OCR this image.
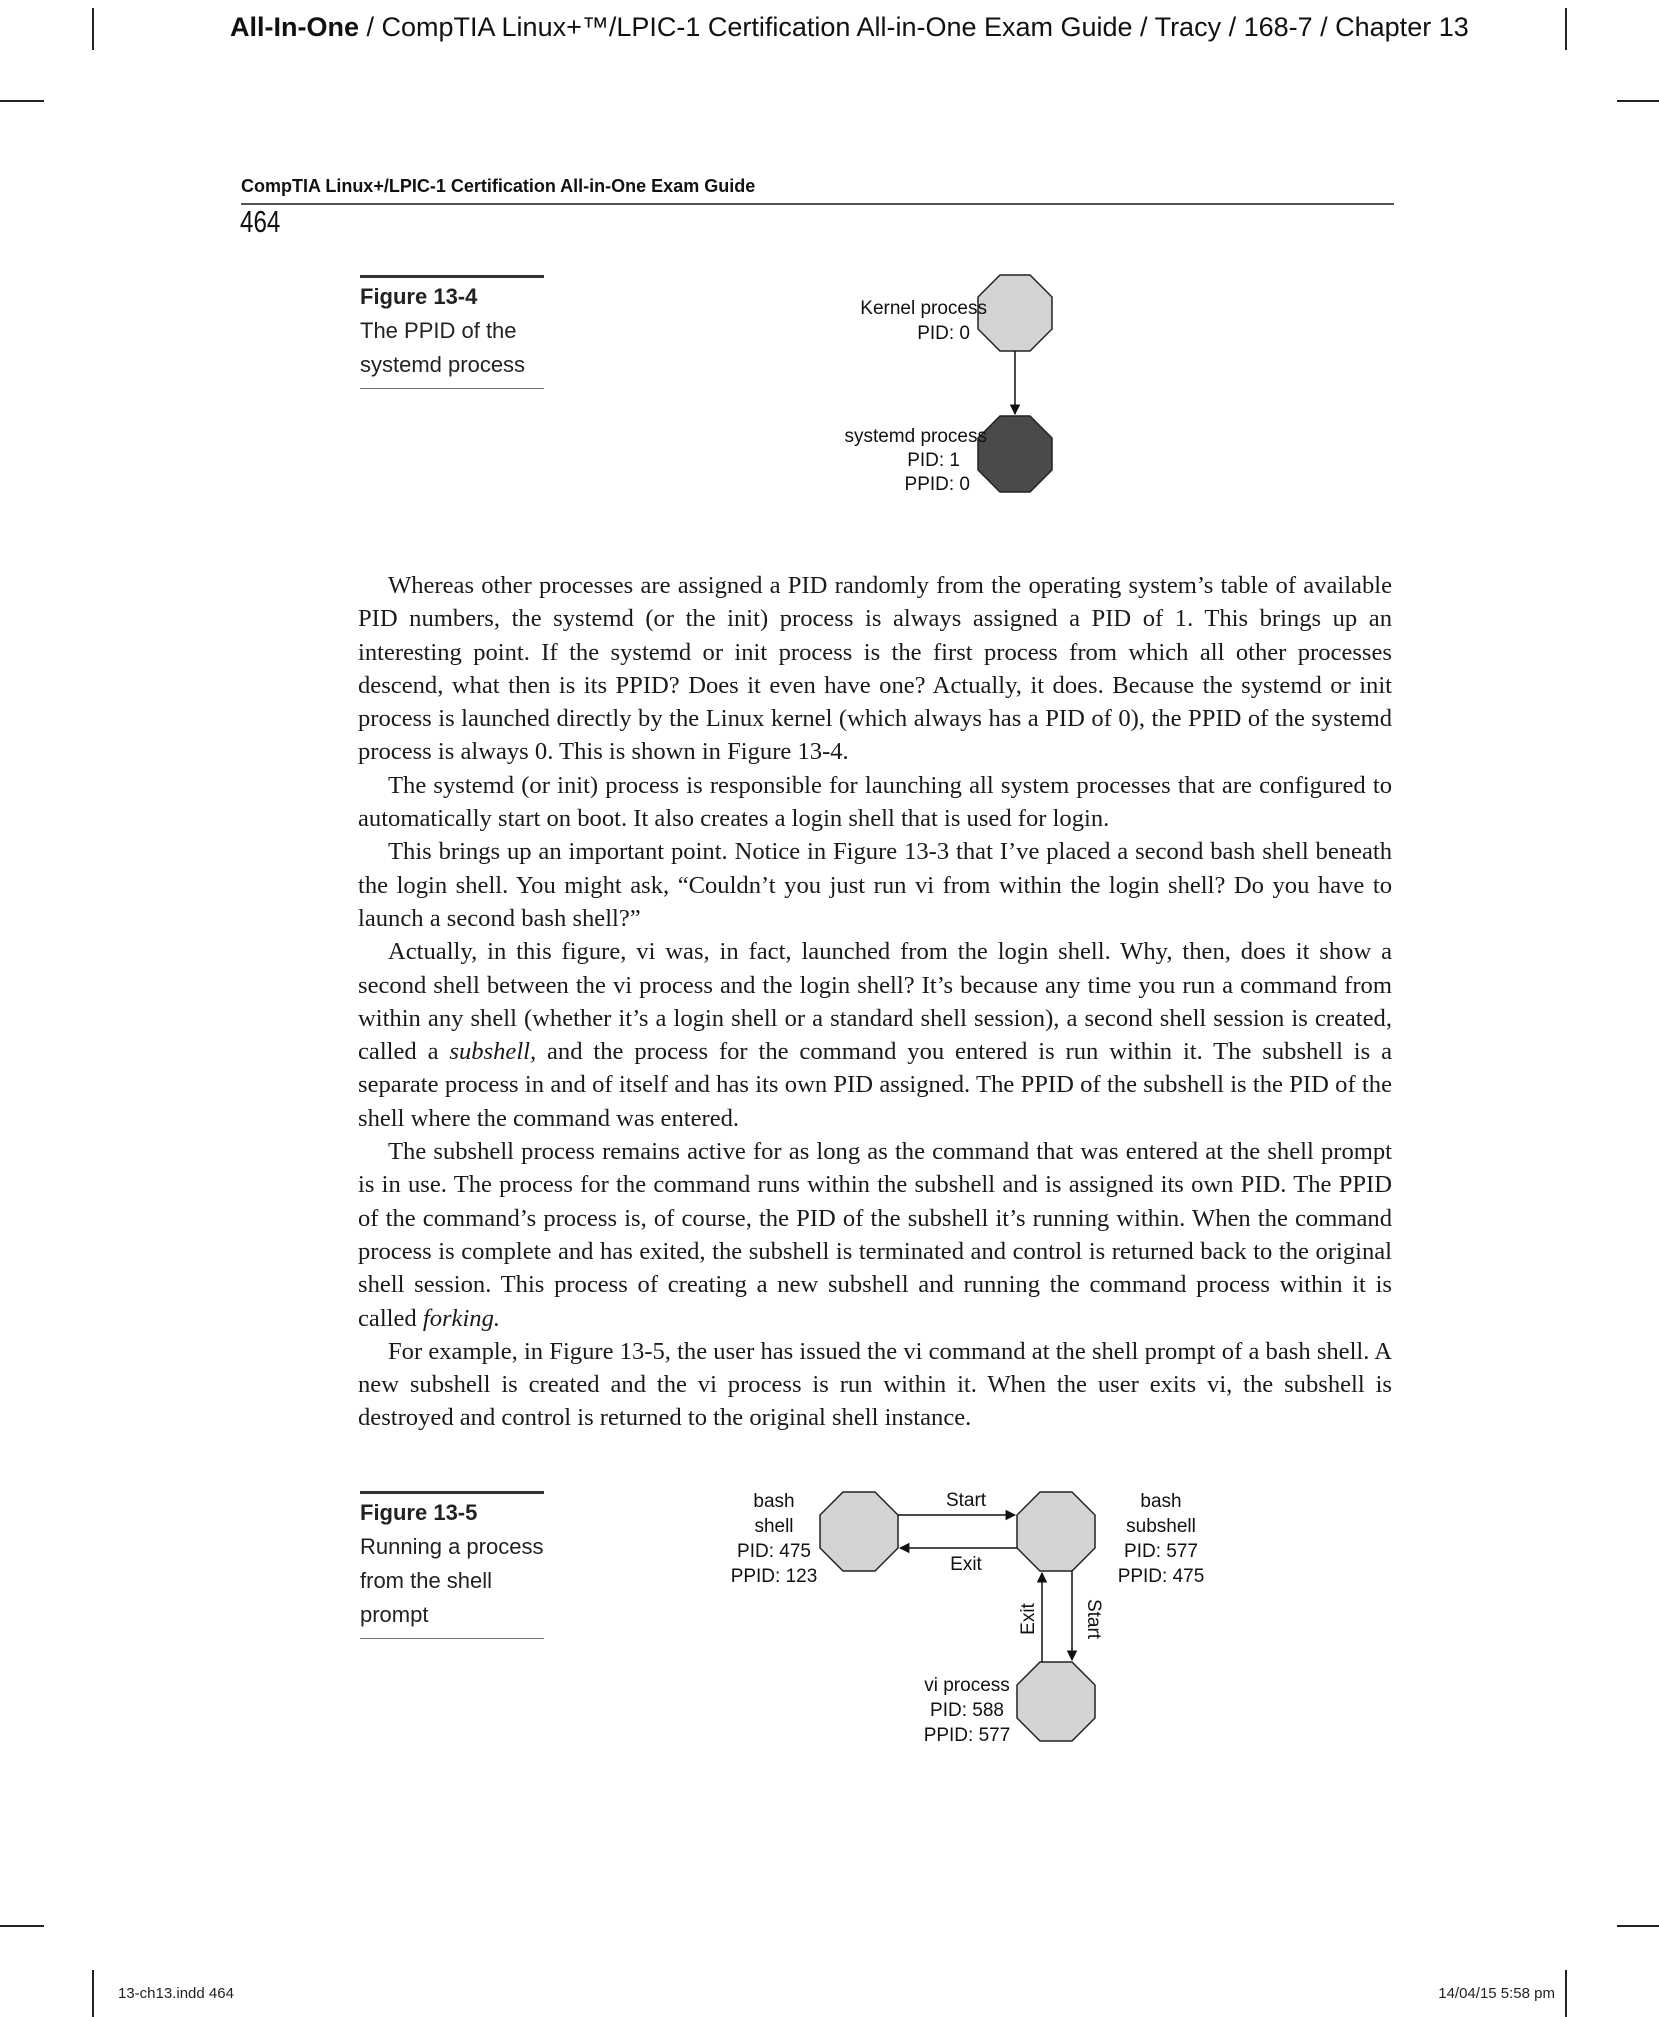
All-In-One / CompTIA Linux+™/LPIC-1 Certification All-in-One Exam Guide / Tracy / 168-7 / Chapter 13
CompTIA Linux+/LPIC-1 Certification All-in-One Exam Guide
464
Figure 13-4
The PPID of the systemd process
Kernel process
PID: 0
systemd process
PID: 1
PPID: 0

Whereas other processes are assigned a PID randomly from the operating system’s table of available PID numbers, the systemd (or the init) process is always assigned a PID of 1. This brings up an interesting point. If the systemd or init process is the first process from which all other processes descend, what then is its PPID? Does it even have one? Actually, it does. Because the systemd or init process is launched directly by the Linux kernel (which always has a PID of 0), the PPID of the systemd process is always 0. This is shown in Figure 13-4.

The systemd (or init) process is responsible for launching all system processes that are configured to automatically start on boot. It also creates a login shell that is used for login.

This brings up an important point. Notice in Figure 13-3 that I’ve placed a second bash shell beneath the login shell. You might ask, “Couldn’t you just run vi from within the login shell? Do you have to launch a second bash shell?”

Actually, in this figure, vi was, in fact, launched from the login shell. Why, then, does it show a second shell between the vi process and the login shell? It’s because any time you run a command from within any shell (whether it’s a login shell or a standard shell session), a second shell session is created, called a subshell, and the process for the command you entered is run within it. The subshell is a separate process in and of itself and has its own PID assigned. The PPID of the subshell is the PID of the shell where the command was entered.

The subshell process remains active for as long as the command that was entered at the shell prompt is in use. The process for the command runs within the subshell and is assigned its own PID. The PPID of the command’s process is, of course, the PID of the subshell it’s running within. When the command process is complete and has exited, the subshell is terminated and control is returned back to the original shell session. This process of creating a new subshell and running the command process within it is called forking.

For example, in Figure 13-5, the user has issued the vi command at the shell prompt of a bash shell. A new subshell is created and the vi process is run within it. When the user exits vi, the subshell is destroyed and control is returned to the original shell instance.

Figure 13-5
Running a process from the shell prompt
Start
Exit
Exit Start
bash
shell
PID: 475
PPID: 123
bash
subshell
PID: 577
PPID: 475
vi process
PID: 588
PPID: 577
13-ch13.indd 464	14/04/15 5:58 pm
